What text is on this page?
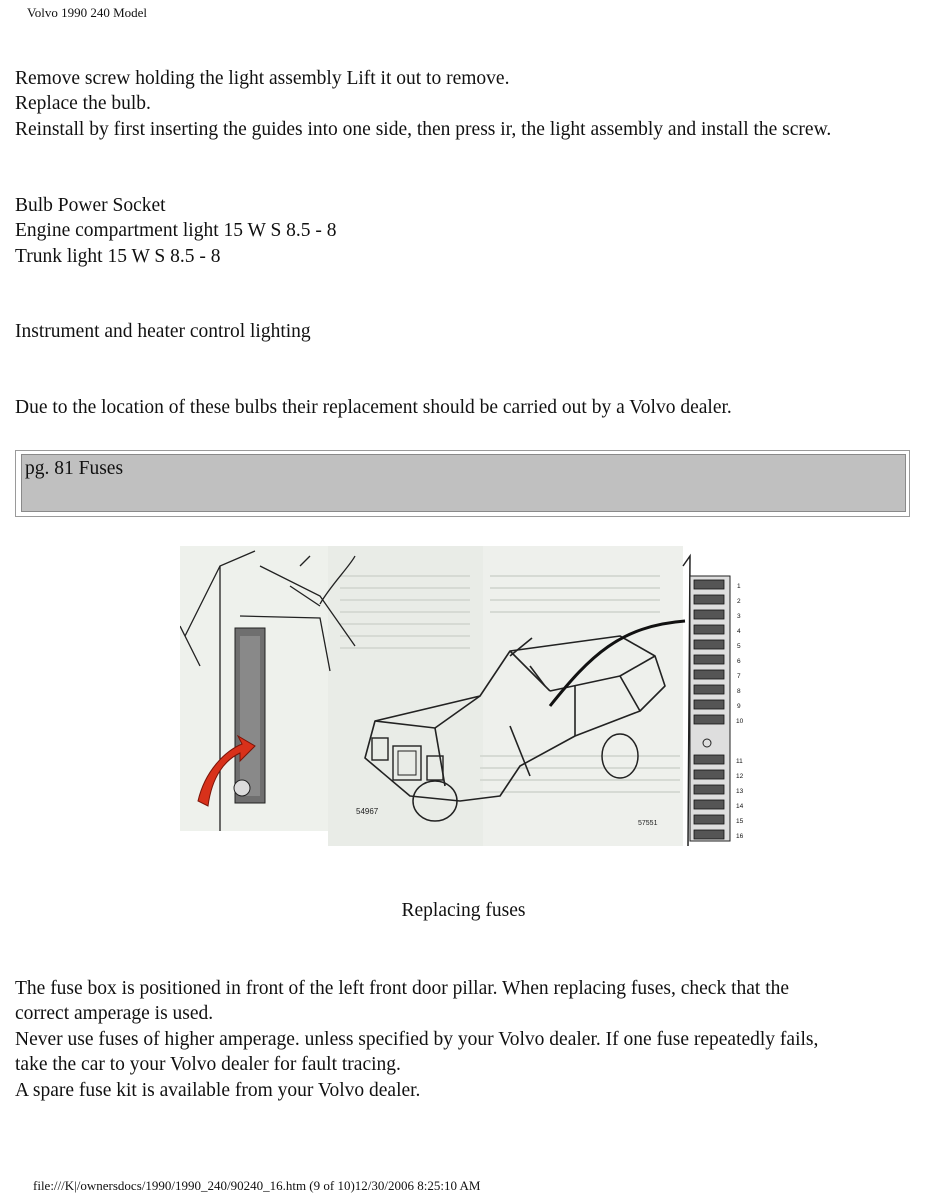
Volvo 1990 240 Model

Remove screw holding the light assembly Lift it out to remove.

Replace the bulb.

Reinstall by first inserting the guides into one side, then press ir, the light assembly and install the screw.

Bulb Power Socket

Engine compartment light 15 W S 8.5 - 8

Trunk light 15 W S 8.5 - 8

Instrument and heater control lighting

Due to the location of these bulbs their replacement should be carried out by a Volvo dealer.

pg. 81 Fuses
1
2
3
4
5
6
7
8
9
10
11
12
13
14
15
16
54967
57551
Replacing fuses

The fuse box is positioned in front of the left front door pillar. When replacing fuses, check that the

correct amperage is used.

Never use fuses of higher amperage. unless specified by your Volvo dealer. If one fuse repeatedly fails,

take the car to your Volvo dealer for fault tracing.

A spare fuse kit is available from your Volvo dealer.

file:///K|/ownersdocs/1990/1990_240/90240_16.htm (9 of 10)12/30/2006 8:25:10 AM
